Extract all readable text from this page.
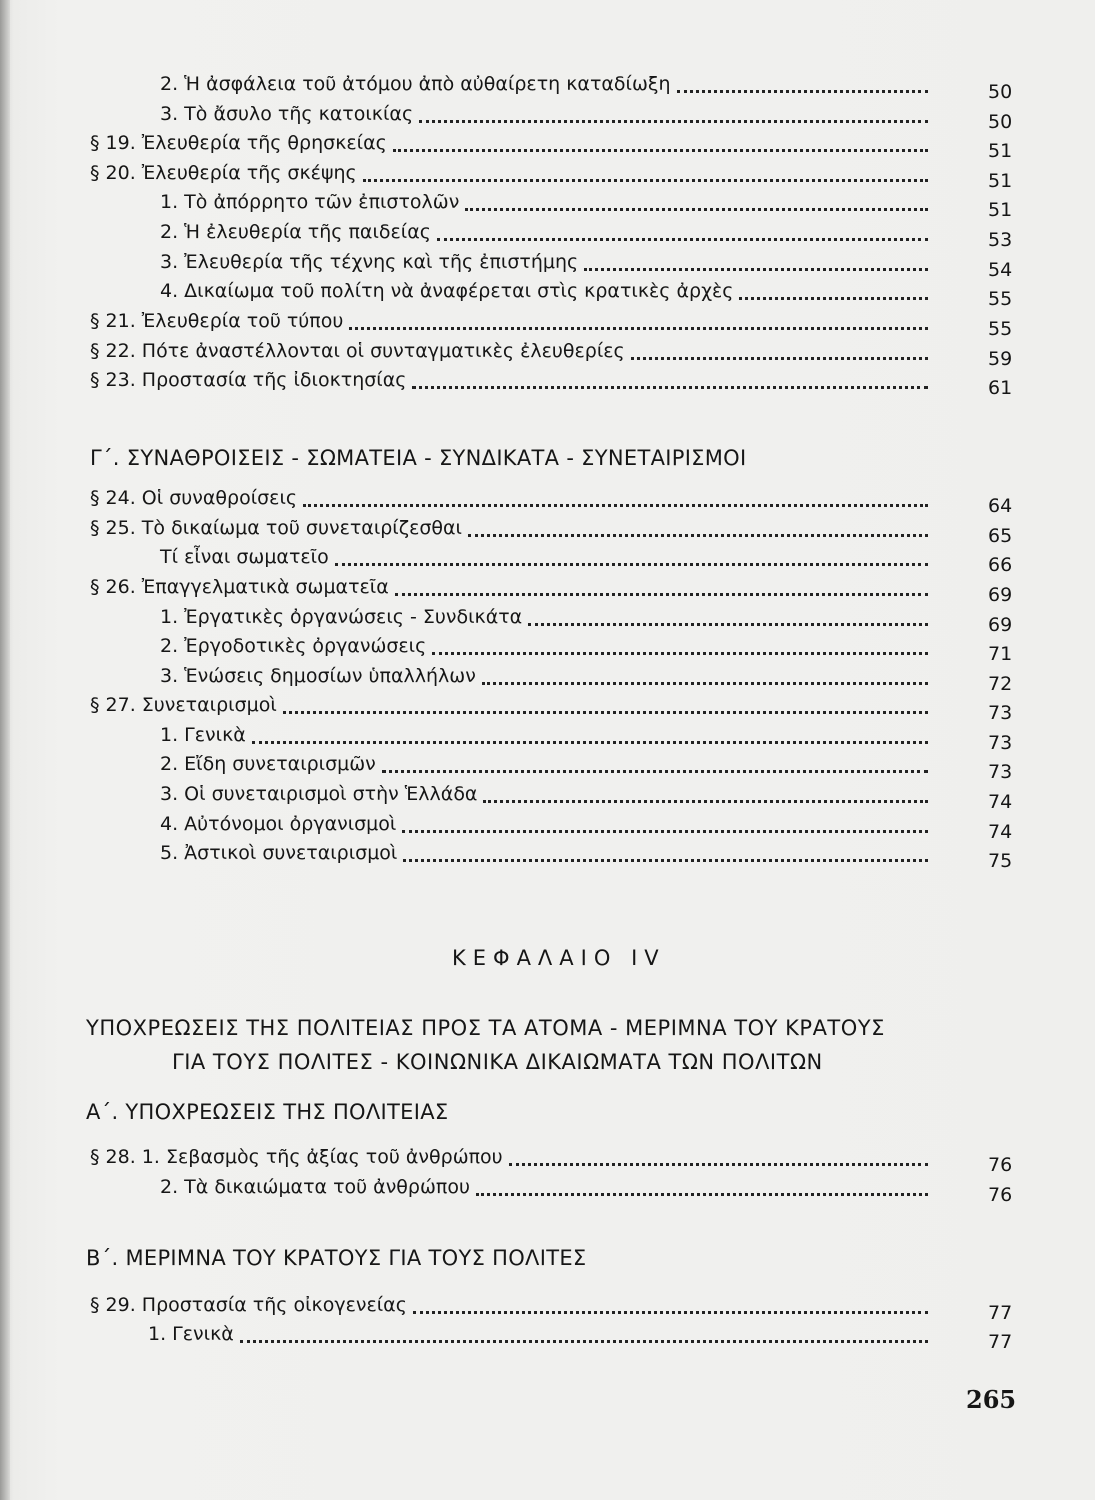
2. Ἡ ἀσφάλεια τοῦ ἀτόμου ἀπὸ αὐθαίρετη καταδίωξη	50
3. Τὸ ἄσυλο τῆς κατοικίας	50
§ 19. Ἐλευθερία τῆς θρησκείας	51
§ 20. Ἐλευθερία τῆς σκέψης	51
1. Τὸ ἀπόρρητο τῶν ἐπιστολῶν	51
2. Ἡ ἐλευθερία τῆς παιδείας	53
3. Ἐλευθερία τῆς τέχνης καὶ τῆς ἐπιστήμης	54
4. Δικαίωμα τοῦ πολίτη νὰ ἀναφέρεται στὶς κρατικὲς ἀρχὲς	55
§ 21. Ἐλευθερία τοῦ τύπου	55
§ 22. Πότε ἀναστέλλονται οἱ συνταγματικὲς ἐλευθερίες	59
§ 23. Προστασία τῆς ἰδιοκτησίας	61
Γ΄. ΣΥΝΑΘΡΟΙΣΕΙΣ - ΣΩΜΑΤΕΙΑ - ΣΥΝΔΙΚΑΤΑ - ΣΥΝΕΤΑΙΡΙΣΜΟΙ
§ 24. Οἱ συναθροίσεις	64
§ 25. Τὸ δικαίωμα τοῦ συνεταιρίζεσθαι	65
Τί εἶναι σωματεῖο	66
§ 26. Ἐπαγγελματικὰ σωματεῖα	69
1. Ἐργατικὲς ὀργανώσεις - Συνδικάτα	69
2. Ἐργοδοτικὲς ὀργανώσεις	71
3. Ἑνώσεις δημοσίων ὑπαλλήλων	72
§ 27. Συνεταιρισμοὶ	73
1. Γενικὰ	73
2. Εἴδη συνεταιρισμῶν	73
3. Οἱ συνεταιρισμοὶ στὴν Ἑλλάδα	74
4. Αὐτόνομοι ὀργανισμοὶ	74
5. Ἀστικοὶ συνεταιρισμοὶ	75
ΚΕΦΑΛΑΙΟ IV
ΥΠΟΧΡΕΩΣΕΙΣ ΤΗΣ ΠΟΛΙΤΕΙΑΣ ΠΡΟΣ ΤΑ ΑΤΟΜΑ - ΜΕΡΙΜΝΑ ΤΟΥ ΚΡΑΤΟΥΣ
ΓΙΑ ΤΟΥΣ ΠΟΛΙΤΕΣ - ΚΟΙΝΩΝΙΚΑ ΔΙΚΑΙΩΜΑΤΑ ΤΩΝ ΠΟΛΙΤΩΝ
Α΄. ΥΠΟΧΡΕΩΣΕΙΣ ΤΗΣ ΠΟΛΙΤΕΙΑΣ
§ 28. 1. Σεβασμὸς τῆς ἀξίας τοῦ ἀνθρώπου	76
2. Τὰ δικαιώματα τοῦ ἀνθρώπου	76
Β΄. ΜΕΡΙΜΝΑ ΤΟΥ ΚΡΑΤΟΥΣ ΓΙΑ ΤΟΥΣ ΠΟΛΙΤΕΣ
§ 29. Προστασία τῆς οἰκογενείας	77
1. Γενικὰ	77
265
